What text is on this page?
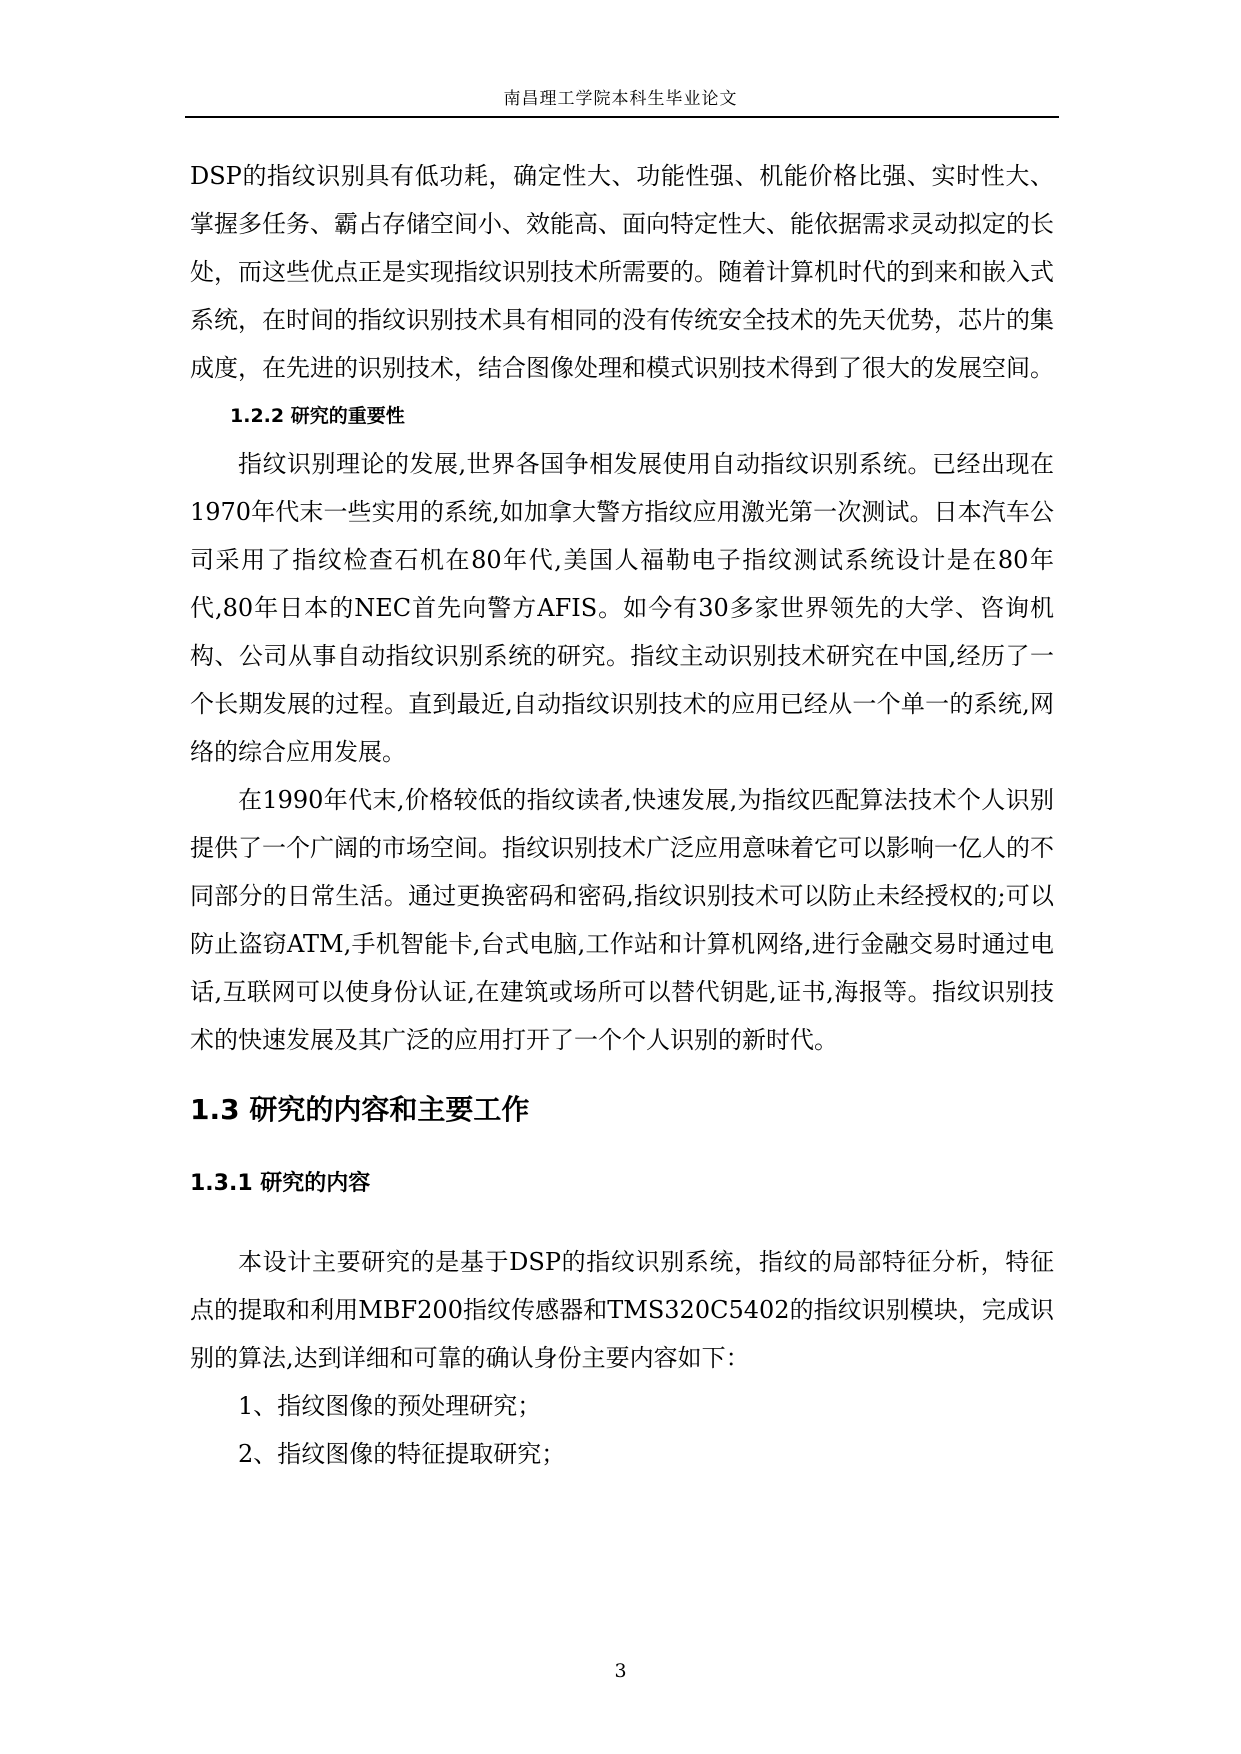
南昌理工学院本科生毕业论文

DSP的指纹识别具有低功耗，确定性大、功能性强、机能价格比强、实时性大、掌握多任务、霸占存储空间小、效能高、面向特定性大、能依据需求灵动拟定的长处，而这些优点正是实现指纹识别技术所需要的。随着计算机时代的到来和嵌入式系统，在时间的指纹识别技术具有相同的没有传统安全技术的先天优势，芯片的集成度，在先进的识别技术，结合图像处理和模式识别技术得到了很大的发展空间。

1.2.2 研究的重要性

指纹识别理论的发展,世界各国争相发展使用自动指纹识别系统。已经出现在1970年代末一些实用的系统,如加拿大警方指纹应用激光第一次测试。日本汽车公司采用了指纹检查石机在80年代,美国人福勒电子指纹测试系统设计是在80年代,80年日本的NEC首先向警方AFIS。如今有30多家世界领先的大学、咨询机构、公司从事自动指纹识别系统的研究。指纹主动识别技术研究在中国,经历了一个长期发展的过程。直到最近,自动指纹识别技术的应用已经从一个单一的系统,网络的综合应用发展。

在1990年代末,价格较低的指纹读者,快速发展,为指纹匹配算法技术个人识别提供了一个广阔的市场空间。指纹识别技术广泛应用意味着它可以影响一亿人的不同部分的日常生活。通过更换密码和密码,指纹识别技术可以防止未经授权的;可以防止盗窃ATM,手机智能卡,台式电脑,工作站和计算机网络,进行金融交易时通过电话,互联网可以使身份认证,在建筑或场所可以替代钥匙,证书,海报等。指纹识别技术的快速发展及其广泛的应用打开了一个个人识别的新时代。

1.3 研究的内容和主要工作
1.3.1 研究的内容

本设计主要研究的是基于DSP的指纹识别系统，指纹的局部特征分析，特征点的提取和利用MBF200指纹传感器和TMS320C5402的指纹识别模块，完成识别的算法,达到详细和可靠的确认身份主要内容如下：

1、指纹图像的预处理研究；

2、指纹图像的特征提取研究；

3
